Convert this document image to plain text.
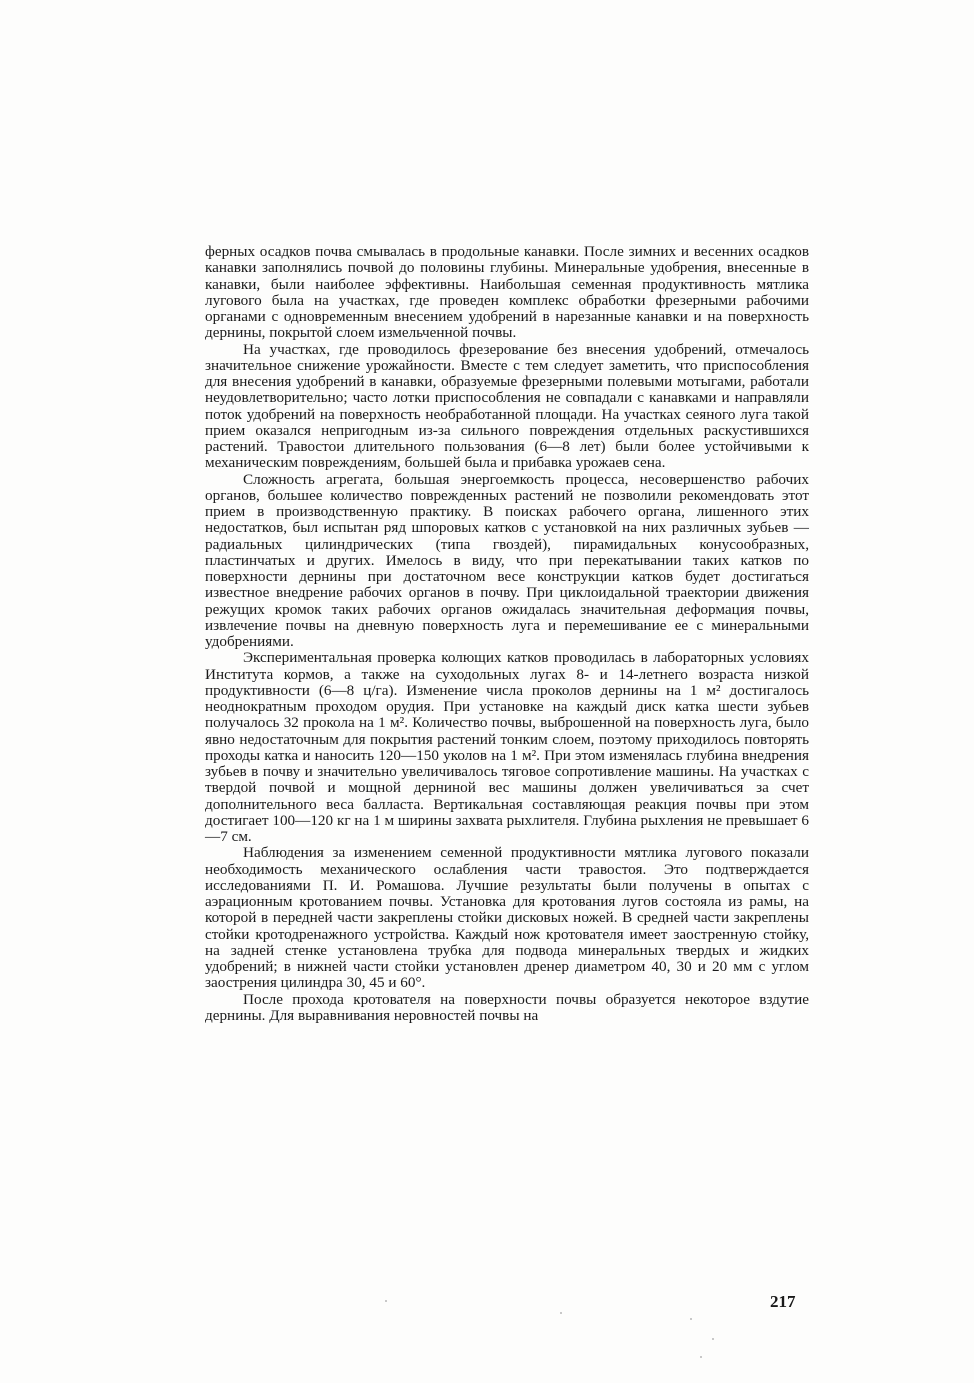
ферных осадков почва смывалась в продольные канавки. После зимних и весенних осадков канавки заполнялись почвой до половины глубины. Минеральные удобрения, внесенные в канавки, были наиболее эффективны. Наибольшая семенная продуктивность мятлика лугового была на участках, где проведен комплекс обработки фрезерными рабочими органами с одновременным внесением удобрений в нарезанные канавки и на поверхность дернины, покрытой слоем измельченной почвы.

На участках, где проводилось фрезерование без внесения удобрений, отмечалось значительное снижение урожайности. Вместе с тем следует заметить, что приспособления для внесения удобрений в канавки, образуемые фрезерными полевыми мотыгами, работали неудовлетворительно; часто лотки приспособления не совпадали с канавками и направляли поток удобрений на поверхность необработанной площади. На участках сеяного луга такой прием оказался непригодным из-за сильного повреждения отдельных раскустившихся растений. Травостои длительного пользования (6—8 лет) были более устойчивыми к механическим повреждениям, большей была и прибавка урожаев сена.

Сложность агрегата, большая энергоемкость процесса, несовершенство рабочих органов, большее количество поврежденных растений не позволили рекомендовать этот прием в производственную практику. В поисках рабочего органа, лишенного этих недостатков, был испытан ряд шпоровых катков с установкой на них различных зубьев — радиальных цилиндрических (типа гвоздей), пирамидальных конусообразных, пластинчатых и других. Имелось в виду, что при перекатывании таких катков по поверхности дернины при достаточном весе конструкции катков будет достигаться известное внедрение рабочих органов в почву. При циклоидальной траектории движения режущих кромок таких рабочих органов ожидалась значительная деформация почвы, извлечение почвы на дневную поверхность луга и перемешивание ее с минеральными удобрениями.

Экспериментальная проверка колющих катков проводилась в лабораторных условиях Института кормов, а также на суходольных лугах 8- и 14-летнего возраста низкой продуктивности (6—8 ц/га). Изменение числа проколов дернины на 1 м² достигалось неоднократным проходом орудия. При установке на каждый диск катка шести зубьев получалось 32 прокола на 1 м². Количество почвы, выброшенной на поверхность луга, было явно недостаточным для покрытия растений тонким слоем, поэтому приходилось повторять проходы катка и наносить 120—150 уколов на 1 м². При этом изменялась глубина внедрения зубьев в почву и значительно увеличивалось тяговое сопротивление машины. На участках с твердой почвой и мощной дерниной вес машины должен увеличиваться за счет дополнительного веса балласта. Вертикальная составляющая реакция почвы при этом достигает 100—120 кг на 1 м ширины захвата рыхлителя. Глубина рыхления не превышает 6—7 см.

Наблюдения за изменением семенной продуктивности мятлика лугового показали необходимость механического ослабления части травостоя. Это подтверждается исследованиями П. И. Ромашова. Лучшие результаты были получены в опытах с аэрационным кротованием почвы. Установка для кротования лугов состояла из рамы, на которой в передней части закреплены стойки дисковых ножей. В средней части закреплены стойки кротодренажного устройства. Каждый нож кротователя имеет заостренную стойку, на задней стенке установлена трубка для подвода минеральных твердых и жидких удобрений; в нижней части стойки установлен дренер диаметром 40, 30 и 20 мм с углом заострения цилиндра 30, 45 и 60°.

После прохода кротователя на поверхности почвы образуется некоторое вздутие дернины. Для выравнивания неровностей почвы на

217
